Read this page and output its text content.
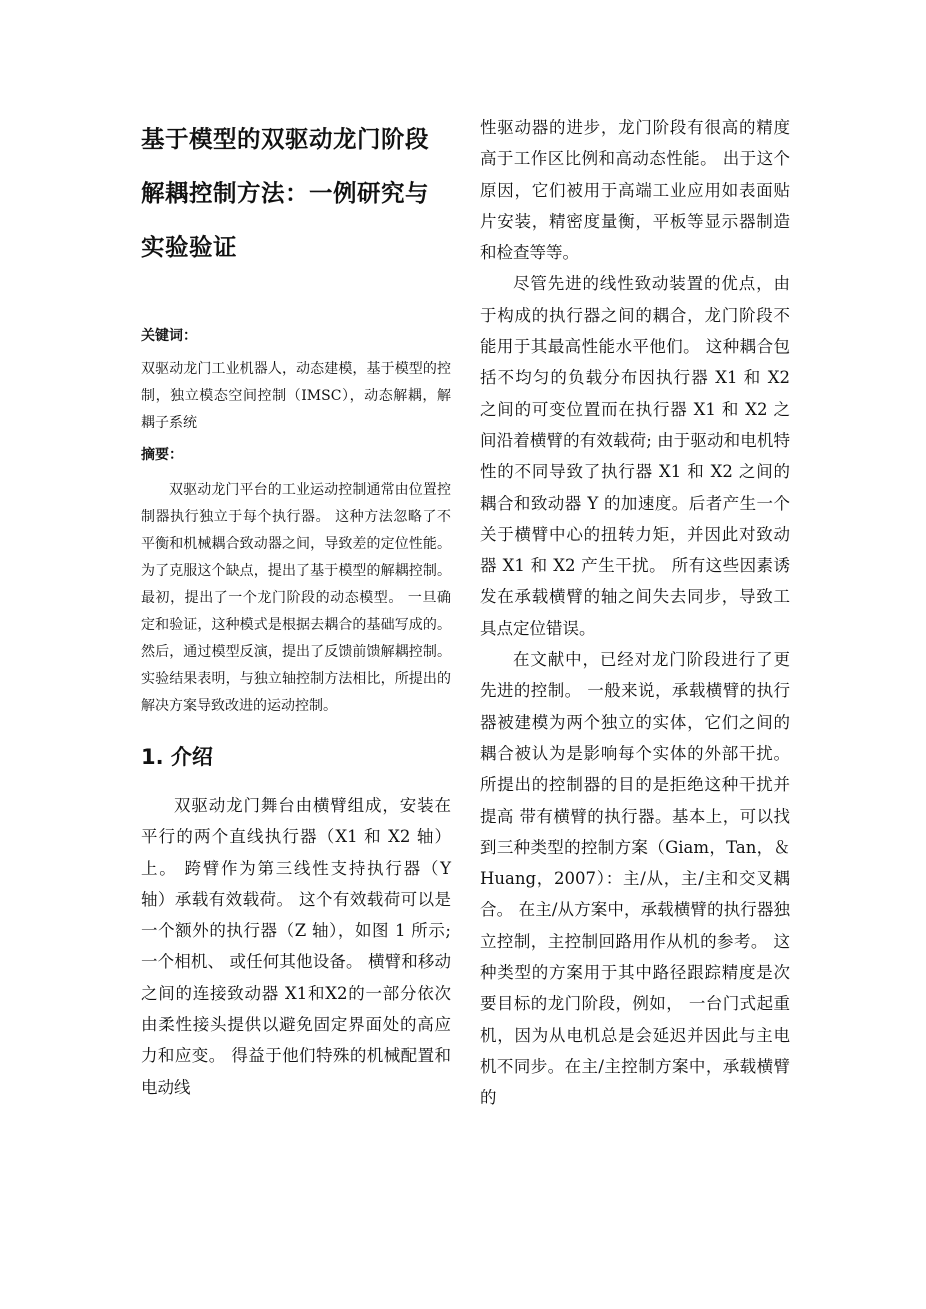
基于模型的双驱动龙门阶段解耦控制方法：一例研究与实验验证
关键词：

双驱动龙门工业机器人，动态建模，基于模型的控制，独立模态空间控制（IMSC），动态解耦，解耦子系统

摘要：

双驱动龙门平台的工业运动控制通常由位置控制器执行独立于每个执行器。 这种方法忽略了不平衡和机械耦合致动器之间，导致差的定位性能。 为了克服这个缺点，提出了基于模型的解耦控制。 最初，提出了一个龙门阶段的动态模型。 一旦确定和验证，这种模式是根据去耦合的基础写成的。 然后，通过模型反演，提出了反馈前馈解耦控制。 实验结果表明，与独立轴控制方法相比，所提出的解决方案导致改进的运动控制。

1. 介绍

双驱动龙门舞台由横臂组成，安装在平行的两个直线执行器（X1 和 X2 轴）上。 跨臂作为第三线性支持执行器（Y 轴）承载有效载荷。 这个有效载荷可以是一个额外的执行器（Z 轴），如图 1 所示; 一个相机、 或任何其他设备。 横臂和移动之间的连接致动器 X1和X2的一部分依次由柔性接头提供以避免固定界面处的高应力和应变。 得益于他们特殊的机械配置和电动线

性驱动器的进步，龙门阶段有很高的精度高于工作区比例和高动态性能。 出于这个原因，它们被用于高端工业应用如表面贴片安装，精密度量衡，平板等显示器制造和检查等等。

尽管先进的线性致动装置的优点，由于构成的执行器之间的耦合，龙门阶段不能用于其最高性能水平他们。 这种耦合包括不均匀的负载分布因执行器 X1 和 X2 之间的可变位置而在执行器 X1 和 X2 之间沿着横臂的有效载荷; 由于驱动和电机特性的不同导致了执行器 X1 和 X2 之间的耦合和致动器 Y 的加速度。后者产生一个关于横臂中心的扭转力矩，并因此对致动器 X1 和 X2 产生干扰。 所有这些因素诱发在承载横臂的轴之间失去同步，导致工具点定位错误。

在文献中，已经对龙门阶段进行了更先进的控制。 一般来说，承载横臂的执行器被建模为两个独立的实体，它们之间的耦合被认为是影响每个实体的外部干扰。所提出的控制器的目的是拒绝这种干扰并提高 带有横臂的执行器。基本上，可以找到三种类型的控制方案（Giam，Tan，＆ Huang，2007）：主/从，主/主和交叉耦合。 在主/从方案中，承载横臂的执行器独立控制，主控制回路用作从机的参考。 这种类型的方案用于其中路径跟踪精度是次要目标的龙门阶段，例如， 一台门式起重机，因为从电机总是会延迟并因此与主电机不同步。在主/主控制方案中，承载横臂的
